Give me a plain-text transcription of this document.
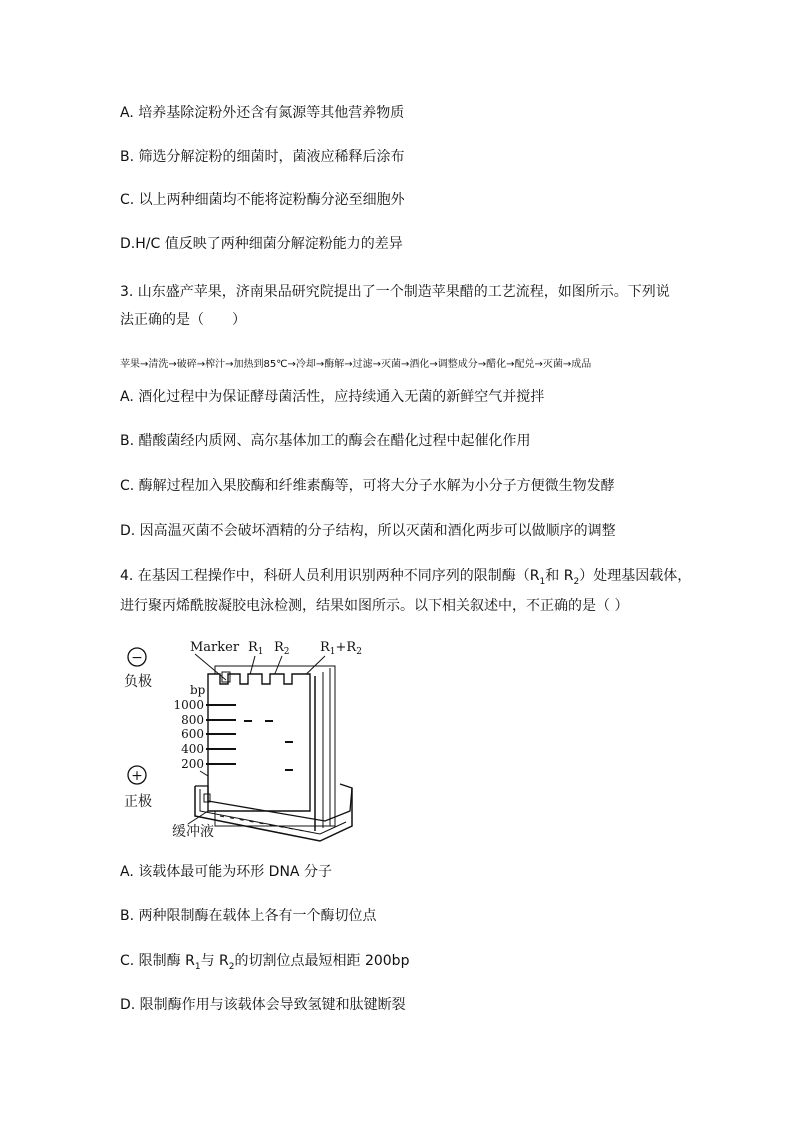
A. 培养基除淀粉外还含有氮源等其他营养物质
B. 筛选分解淀粉的细菌时，菌液应稀释后涂布
C. 以上两种细菌均不能将淀粉酶分泌至细胞外
D.H/C 值反映了两种细菌分解淀粉能力的差异
3. 山东盛产苹果，济南果品研究院提出了一个制造苹果醋的工艺流程，如图所示。下列说
法正确的是（　　）
苹果→清洗→破碎→榨汁→加热到85℃→冷却→酶解→过滤→灭菌→酒化→调整成分→醋化→配兑→灭菌→成品
A. 酒化过程中为保证酵母菌活性，应持续通入无菌的新鲜空气并搅拌
B. 醋酸菌经内质网、高尔基体加工的酶会在醋化过程中起催化作用
C. 酶解过程加入果胶酶和纤维素酶等，可将大分子水解为小分子方便微生物发酵
D. 因高温灭菌不会破坏酒精的分子结构，所以灭菌和酒化两步可以做顺序的调整
4. 在基因工程操作中，科研人员利用识别两种不同序列的限制酶（$R_1$和 $R_2$）处理基因载体，
进行聚丙烯酰胺凝胶电泳检测，结果如图所示。以下相关叙述中，不正确的是（ ）
−
负极
+
正极
Marker $R_1$ $R_2$ $R_1+R_2$
bp
1000
800
600
400
200
缓冲液
A. 该载体最可能为环形 DNA 分子
B. 两种限制酶在载体上各有一个酶切位点
C. 限制酶 $R_1$与 $R_2$的切割位点最短相距 200bp
D. 限制酶作用与该载体会导致氢键和肽键断裂
